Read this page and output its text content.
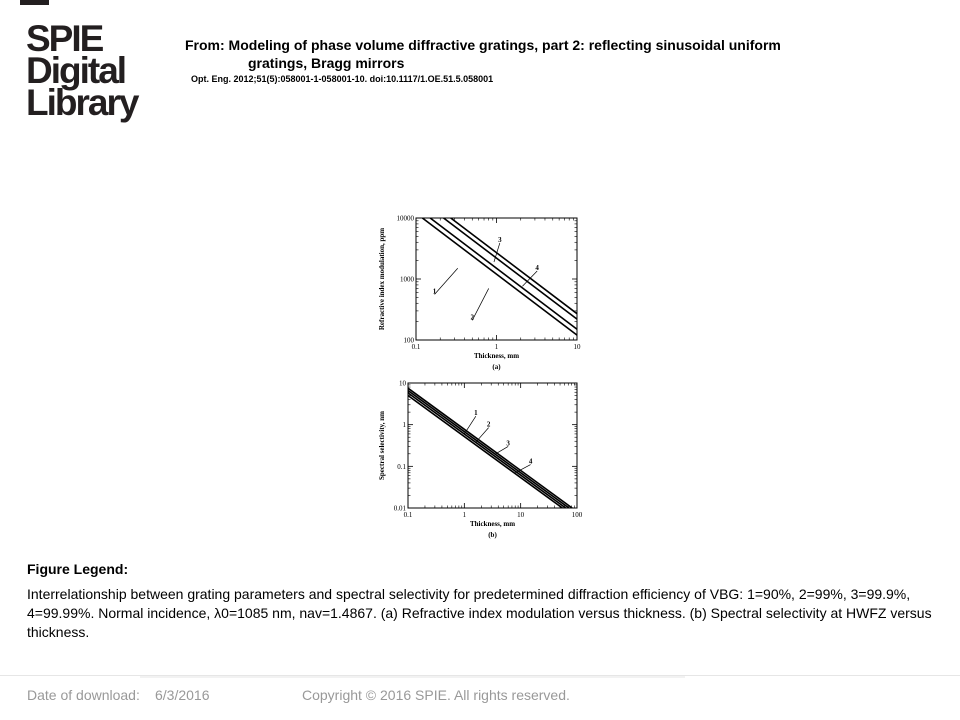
SPIE
Digital
Library
From: Modeling of phase volume diffractive gratings, part 2: reflecting sinusoidal uniform
gratings, Bragg mirrors
Opt. Eng. 2012;51(5):058001-1-058001-10. doi:10.1117/1.OE.51.5.058001
0.1	1	10
100
1000
10000
1
2
3
4
Thickness, mm
Refractive index modulation, ppm
(a)
0.1	1	10	100
0.01
0.1
1
10
1
2
3
4
Thickness, mm
Spectral selectivity, nm
(b)
Figure Legend:
Interrelationship between grating parameters and spectral selectivity for predetermined diffraction efficiency of VBG: 1=90%, 2=99%, 3=99.9%, 4=99.99%. Normal incidence, λ0=1085 nm, nav=1.4867. (a) Refractive index modulation versus thickness. (b) Spectral selectivity at HWFZ versus thickness.
Date of download: 6/3/2016	Copyright © 2016 SPIE. All rights reserved.
